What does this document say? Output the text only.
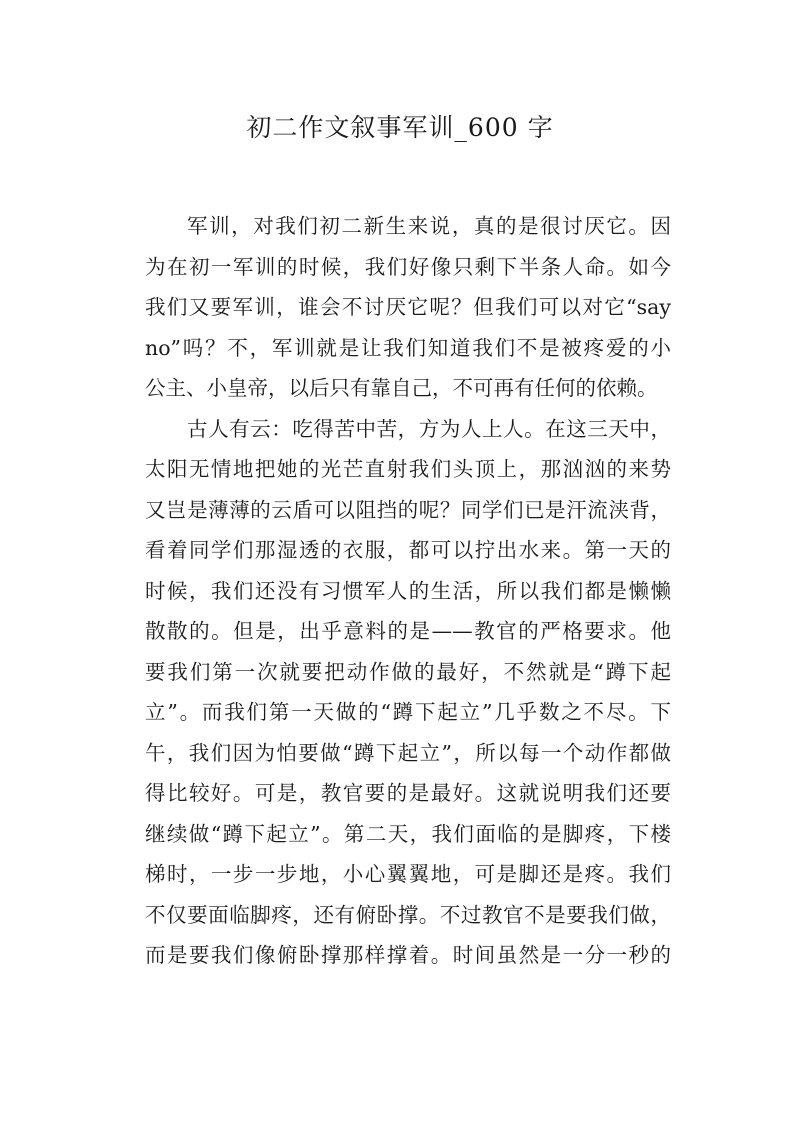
初二作文叙事军训_600 字

军训，对我们初二新生来说，真的是很讨厌它。因

为在初一军训的时候，我们好像只剩下半条人命。如今

我们又要军训，谁会不讨厌它呢？但我们可以对它“say

no”吗？不，军训就是让我们知道我们不是被疼爱的小

公主、小皇帝，以后只有靠自己，不可再有任何的依赖。

古人有云：吃得苦中苦，方为人上人。在这三天中，

太阳无情地把她的光芒直射我们头顶上，那汹汹的来势

又岂是薄薄的云盾可以阻挡的呢？同学们已是汗流浃背，

看着同学们那湿透的衣服，都可以拧出水来。第一天的

时候，我们还没有习惯军人的生活，所以我们都是懒懒

散散的。但是，出乎意料的是——教官的严格要求。他

要我们第一次就要把动作做的最好，不然就是“蹲下起

立”。而我们第一天做的“蹲下起立”几乎数之不尽。下

午，我们因为怕要做“蹲下起立”，所以每一个动作都做

得比较好。可是，教官要的是最好。这就说明我们还要

继续做“蹲下起立”。第二天，我们面临的是脚疼，下楼

梯时，一步一步地，小心翼翼地，可是脚还是疼。我们

不仅要面临脚疼，还有俯卧撑。不过教官不是要我们做，

而是要我们像俯卧撑那样撑着。时间虽然是一分一秒的
